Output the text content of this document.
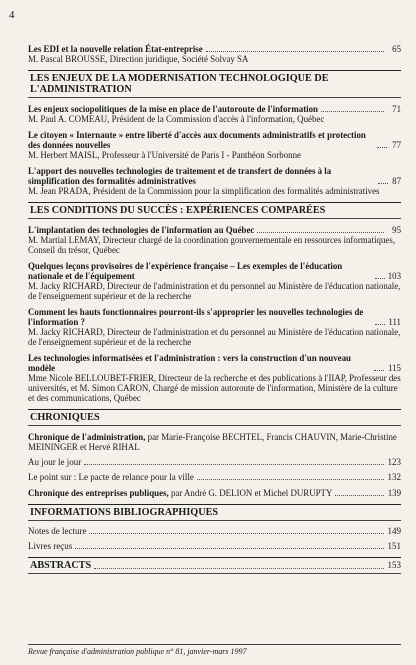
4
Les EDI et la nouvelle relation État-entreprise	65
M. Pascal BROUSSE, Direction juridique, Société Solvay SA
LES ENJEUX DE LA MODERNISATION TECHNOLOGIQUE DE L'ADMINISTRATION
Les enjeux sociopolitiques de la mise en place de l'autoroute de l'information	71
M. Paul A. COMEAU, Président de la Commission d'accès à l'information, Québec
Le citoyen « Internaute » entre liberté d'accès aux documents administratifs et protection des données nouvelles	77
M. Herbert MAISL, Professeur à l'Université de Paris I - Panthéon Sorbonne
L'apport des nouvelles technologies de traitement et de transfert de données à la simplification des formalités administratives	87
M. Jean PRADA, Président de la Commission pour la simplification des formalités administratives
LES CONDITIONS DU SUCCÈS : EXPÉRIENCES COMPARÉES
L'implantation des technologies de l'information au Québec	95
M. Martial LEMAY, Directeur chargé de la coordination gouvernementale en ressources informatiques, Conseil du trésor, Québec
Quelques leçons provisoires de l'expérience française – Les exemples de l'éducation nationale et de l'équipement	103
M. Jacky RICHARD, Directeur de l'administration et du personnel au Ministère de l'éducation nationale, de l'enseignement supérieur et de la recherche
Comment les hauts fonctionnaires pourront-ils s'approprier les nouvelles technologies de l'information ?	111
M. Jacky RICHARD, Directeur de l'administration et du personnel au Ministère de l'éducation nationale, de l'enseignement supérieur et de la recherche
Les technologies informatisées et l'administration : vers la construction d'un nouveau modèle	115
Mme Nicole BELLOUBET-FRIER, Directeur de la recherche et des publications à l'IIAP, Professeur des universités, et M. Simon CARON, Chargé de mission autoroute de l'information, Ministère de la culture et des communications, Québec
CHRONIQUES
Chronique de l'administration, par Marie-Françoise BECHTEL, Francis CHAUVIN, Marie-Christine MEININGER et Hervé RIHAL
Au jour le jour	123
Le point sur : Le pacte de relance pour la ville	132
Chronique des entreprises publiques, par André G. DELION et Michel DURUPTY	139
INFORMATIONS BIBLIOGRAPHIQUES
Notes de lecture	149
Livres reçus	151
ABSTRACTS	153
Revue française d'administration publique n° 81, janvier-mars 1997
